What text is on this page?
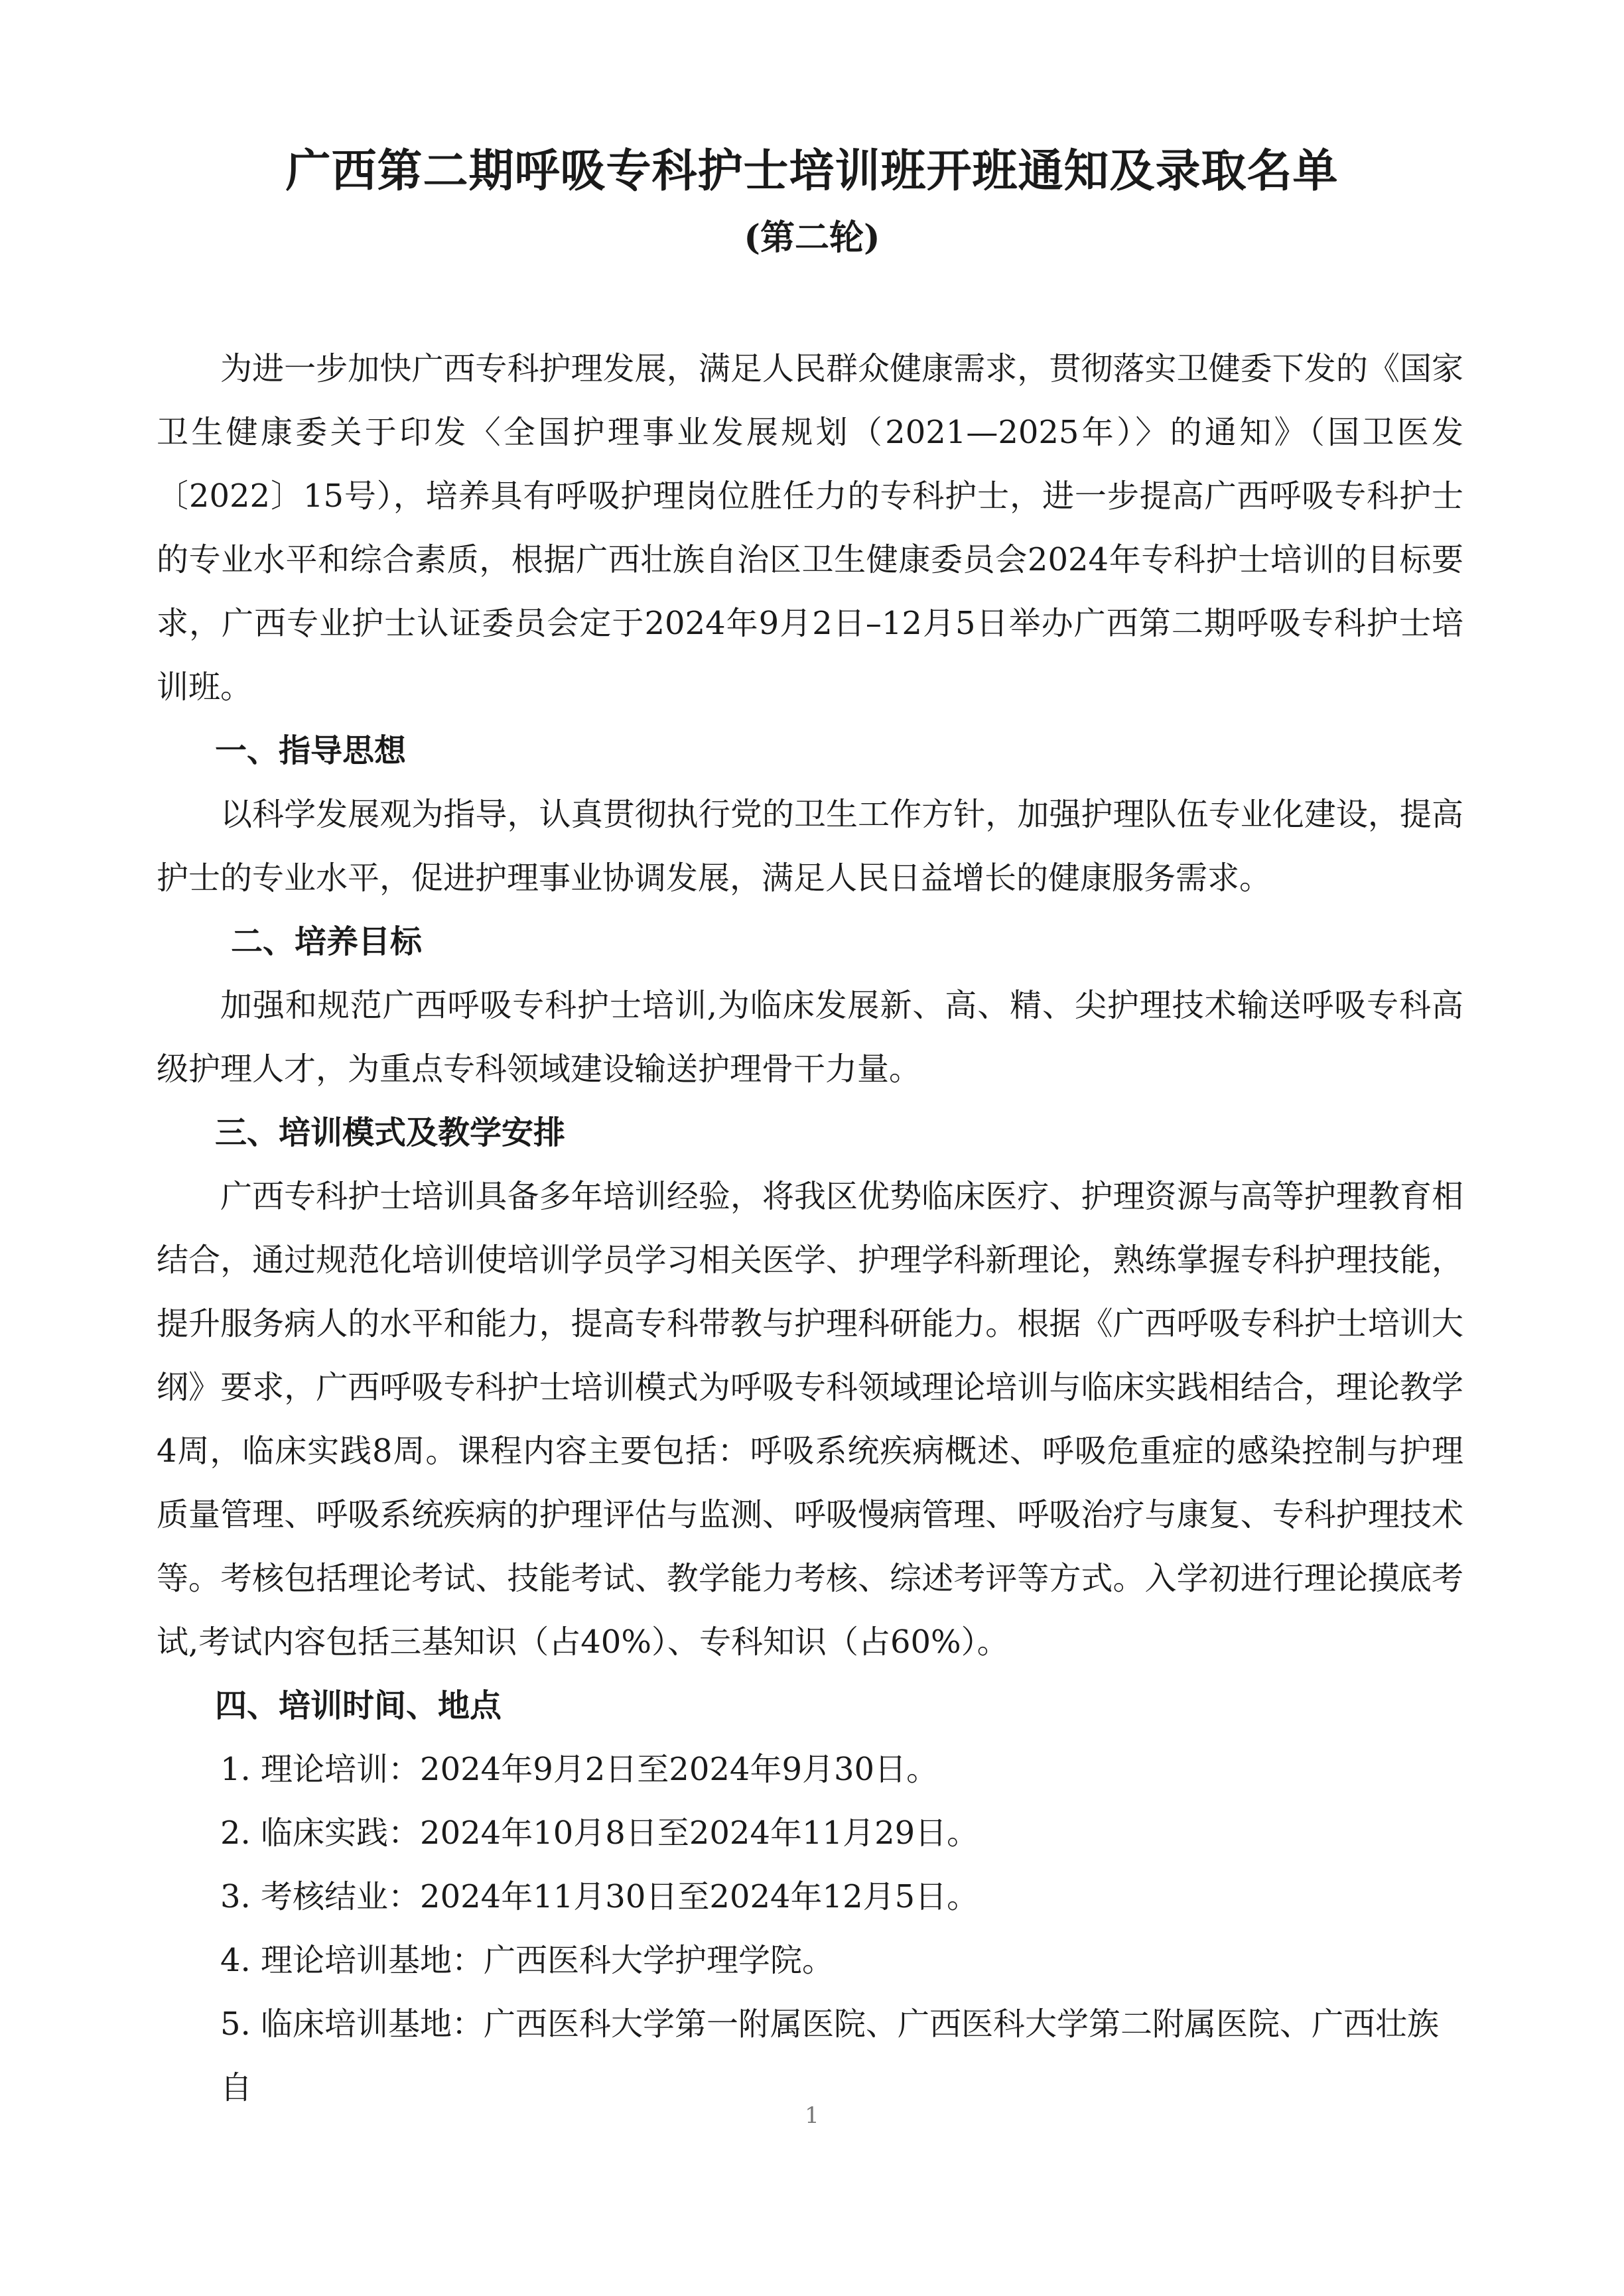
广西第二期呼吸专科护士培训班开班通知及录取名单
(第二轮)

为进一步加快广西专科护理发展，满足人民群众健康需求，贯彻落实卫健委下发的《国家卫生健康委关于印发〈全国护理事业发展规划（2021—2025年）〉的通知》（国卫医发〔2022〕15号），培养具有呼吸护理岗位胜任力的专科护士，进一步提高广西呼吸专科护士的专业水平和综合素质，根据广西壮族自治区卫生健康委员会2024年专科护士培训的目标要求，广西专业护士认证委员会定于2024年9月2日–12月5日举办广西第二期呼吸专科护士培训班。

一、指导思想

以科学发展观为指导，认真贯彻执行党的卫生工作方针，加强护理队伍专业化建设，提高护士的专业水平，促进护理事业协调发展，满足人民日益增长的健康服务需求。

二、培养目标

加强和规范广西呼吸专科护士培训,为临床发展新、高、精、尖护理技术输送呼吸专科高级护理人才，为重点专科领域建设输送护理骨干力量。

三、培训模式及教学安排

广西专科护士培训具备多年培训经验，将我区优势临床医疗、护理资源与高等护理教育相结合，通过规范化培训使培训学员学习相关医学、护理学科新理论，熟练掌握专科护理技能，提升服务病人的水平和能力，提高专科带教与护理科研能力。根据《广西呼吸专科护士培训大纲》要求，广西呼吸专科护士培训模式为呼吸专科领域理论培训与临床实践相结合，理论教学4周，临床实践8周。课程内容主要包括：呼吸系统疾病概述、呼吸危重症的感染控制与护理质量管理、呼吸系统疾病的护理评估与监测、呼吸慢病管理、呼吸治疗与康复、专科护理技术等。考核包括理论考试、技能考试、教学能力考核、综述考评等方式。入学初进行理论摸底考试,考试内容包括三基知识（占40%）、专科知识（占60%）。

四、培训时间、地点

1. 理论培训：2024年9月2日至2024年9月30日。

2. 临床实践：2024年10月8日至2024年11月29日。

3. 考核结业：2024年11月30日至2024年12月5日。

4. 理论培训基地：广西医科大学护理学院。

5. 临床培训基地：广西医科大学第一附属医院、广西医科大学第二附属医院、广西壮族自

1
